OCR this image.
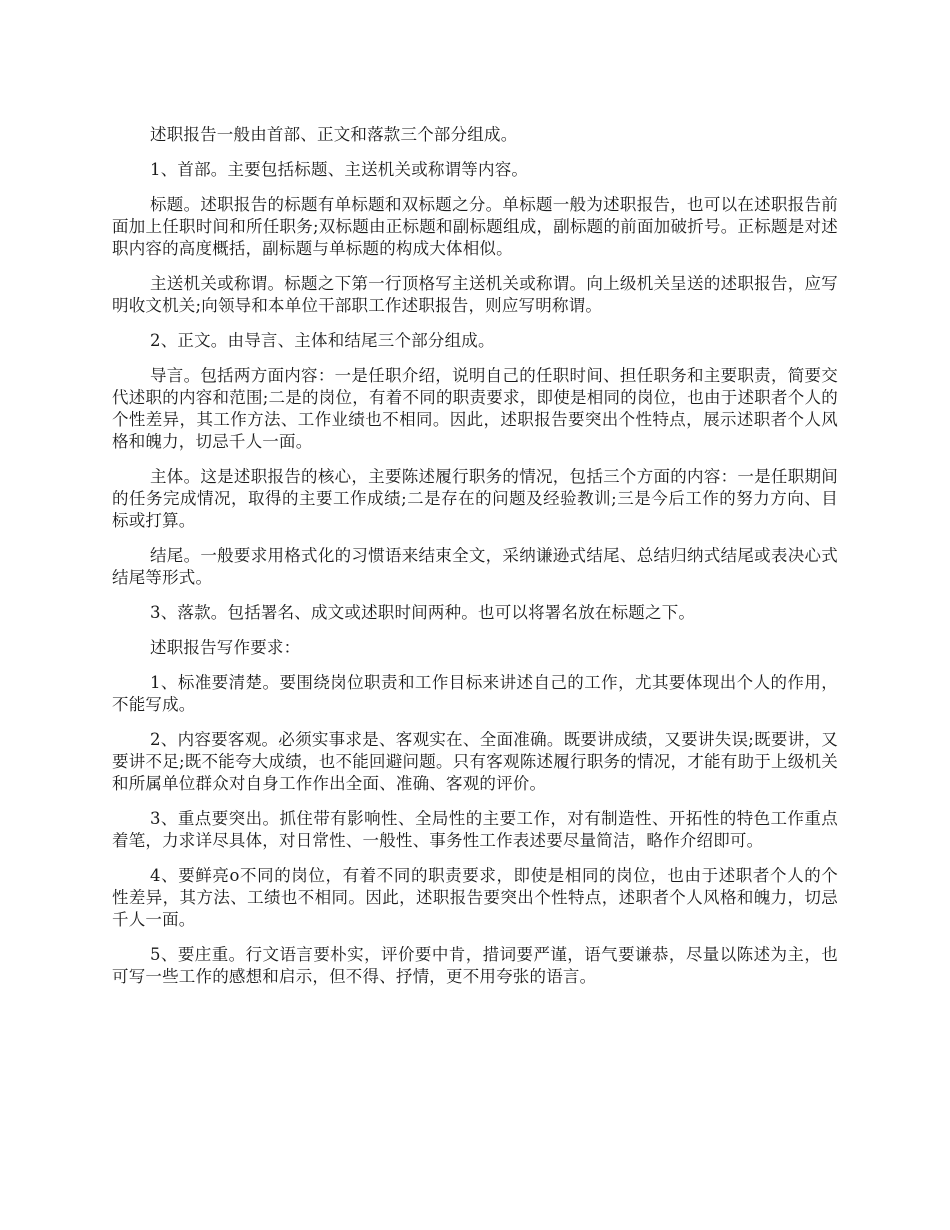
述职报告一般由首部、正文和落款三个部分组成。

1、首部。主要包括标题、主送机关或称谓等内容。

标题。述职报告的标题有单标题和双标题之分。单标题一般为述职报告，也可以在述职报告前面加上任职时间和所任职务;双标题由正标题和副标题组成，副标题的前面加破折号。正标题是对述职内容的高度概括，副标题与单标题的构成大体相似。

主送机关或称谓。标题之下第一行顶格写主送机关或称谓。向上级机关呈送的述职报告，应写明收文机关;向领导和本单位干部职工作述职报告，则应写明称谓。

2、正文。由导言、主体和结尾三个部分组成。

导言。包括两方面内容：一是任职介绍，说明自己的任职时间、担任职务和主要职责，简要交代述职的内容和范围;二是的岗位，有着不同的职责要求，即使是相同的岗位，也由于述职者个人的个性差异，其工作方法、工作业绩也不相同。因此，述职报告要突出个性特点，展示述职者个人风格和魄力，切忌千人一面。

主体。这是述职报告的核心，主要陈述履行职务的情况，包括三个方面的内容：一是任职期间的任务完成情况，取得的主要工作成绩;二是存在的问题及经验教训;三是今后工作的努力方向、目标或打算。

结尾。一般要求用格式化的习惯语来结束全文，采纳谦逊式结尾、总结归纳式结尾或表决心式结尾等形式。

3、落款。包括署名、成文或述职时间两种。也可以将署名放在标题之下。

述职报告写作要求：

1、标准要清楚。要围绕岗位职责和工作目标来讲述自己的工作，尤其要体现出个人的作用，不能写成。

2、内容要客观。必须实事求是、客观实在、全面准确。既要讲成绩，又要讲失误;既要讲，又要讲不足;既不能夸大成绩，也不能回避问题。只有客观陈述履行职务的情况，才能有助于上级机关和所属单位群众对自身工作作出全面、准确、客观的评价。

3、重点要突出。抓住带有影响性、全局性的主要工作，对有制造性、开拓性的特色工作重点着笔，力求详尽具体，对日常性、一般性、事务性工作表述要尽量简洁，略作介绍即可。

4、要鲜亮o不同的岗位，有着不同的职责要求，即使是相同的岗位，也由于述职者个人的个性差异，其方法、工绩也不相同。因此，述职报告要突出个性特点，述职者个人风格和魄力，切忌千人一面。

5、要庄重。行文语言要朴实，评价要中肯，措词要严谨，语气要谦恭，尽量以陈述为主，也可写一些工作的感想和启示，但不得、抒情，更不用夸张的语言。
